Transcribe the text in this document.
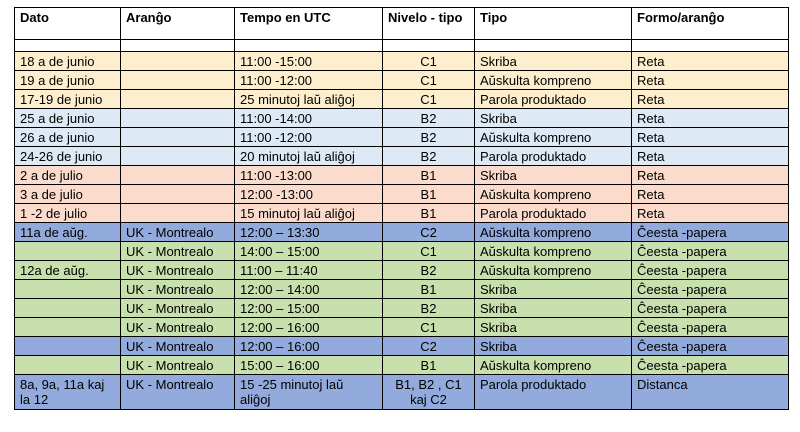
Dato	Aranĝo	Tempo en UTC	Nivelo - tipo	Tipo	Formo/aranĝo

18 a de junio		11:00 -15:00	C1	Skriba	Reta
19 a de junio		11:00 -12:00	C1	Aŭskulta kompreno	Reta
17-19 de junio		25 minutoj laŭ aliĝoj	C1	Parola produktado	Reta
25 a de junio		11:00 -14:00	B2	Skriba	Reta
26 a de junio		11:00 -12:00	B2	Aŭskulta kompreno	Reta
24-26 de junio		20 minutoj laŭ aliĝoj	B2	Parola produktado	Reta
2 a de julio		11:00 -13:00	B1	Skriba	Reta
3 a de julio		12:00 -13:00	B1	Aŭskulta kompreno	Reta
1 -2 de julio		15 minutoj laŭ aliĝoj	B1	Parola produktado	Reta
11a de aŭg.	UK - Montrealo	12:00 – 13:30	C2	Aŭskulta kompreno	Ĉeesta -papera
	UK - Montrealo	14:00 – 15:00	C1	Aŭskulta kompreno	Ĉeesta -papera
12a de aŭg.	UK - Montrealo	11:00 – 11:40	B2	Aŭskulta kompreno	Ĉeesta -papera
	UK - Montrealo	12:00 – 14:00	B1	Skriba	Ĉeesta -papera
	UK - Montrealo	12:00 – 15:00	B2	Skriba	Ĉeesta -papera
	UK - Montrealo	12:00 – 16:00	C1	Skriba	Ĉeesta -papera
	UK - Montrealo	12:00 – 16:00	C2	Skriba	Ĉeesta -papera
	UK - Montrealo	15:00 – 16:00	B1	Aŭskulta kompreno	Ĉeesta -papera
8a, 9a, 11a kaj la 12	UK - Montrealo	15 -25 minutoj laŭ aliĝoj	B1, B2 , C1 kaj C2	Parola produktado	Distanca
